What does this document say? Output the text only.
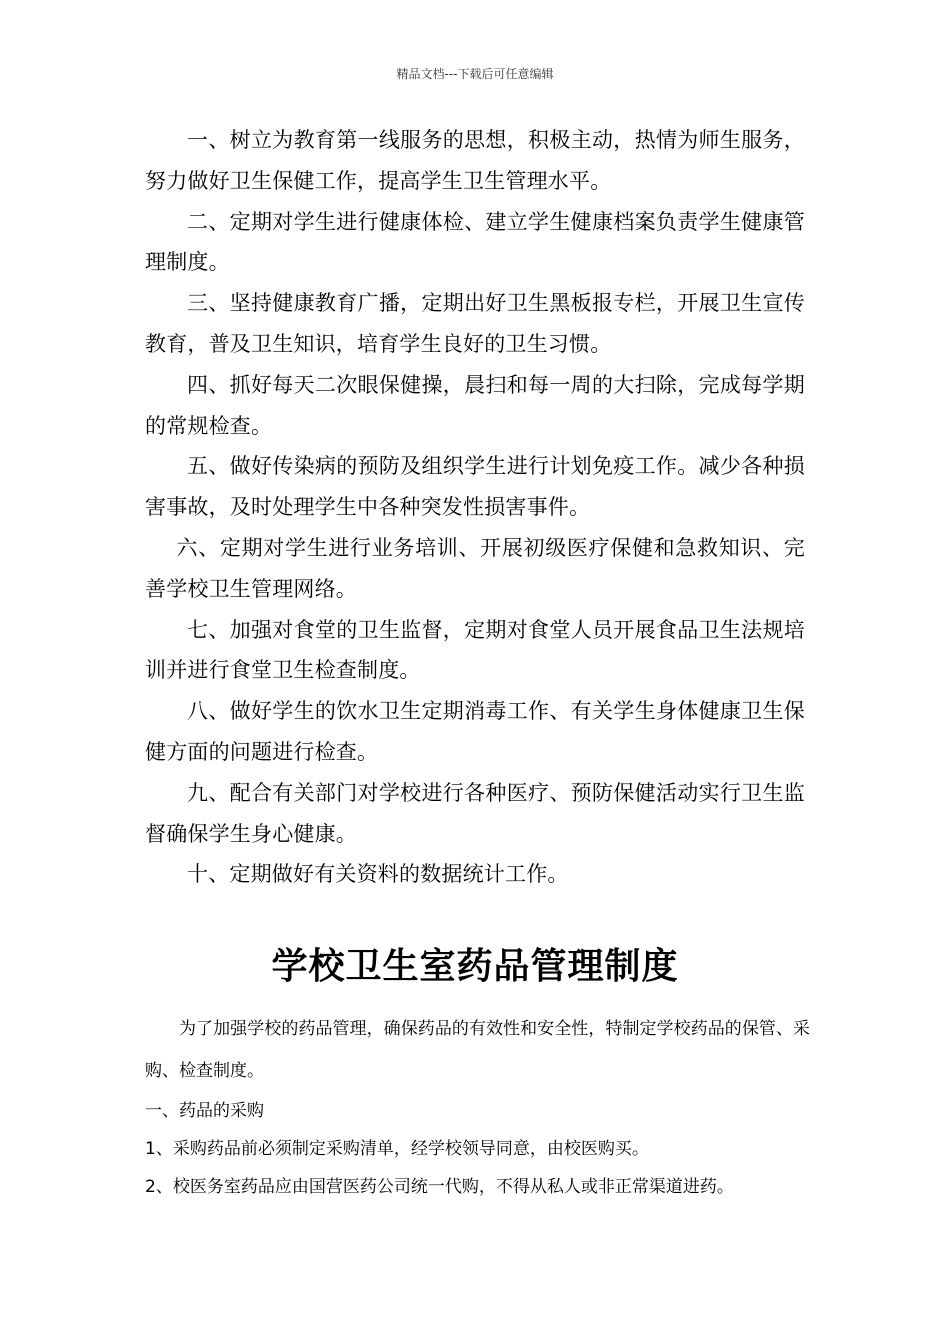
精品文档---下载后可任意编辑

一、树立为教育第一线服务的思想，积极主动，热情为师生服务，努力做好卫生保健工作，提高学生卫生管理水平。

二、定期对学生进行健康体检、建立学生健康档案负责学生健康管理制度。

三、坚持健康教育广播，定期出好卫生黑板报专栏，开展卫生宣传教育，普及卫生知识，培育学生良好的卫生习惯。

四、抓好每天二次眼保健操，晨扫和每一周的大扫除，完成每学期的常规检查。

五、做好传染病的预防及组织学生进行计划免疫工作。减少各种损害事故，及时处理学生中各种突发性损害事件。

六、定期对学生进行业务培训、开展初级医疗保健和急救知识、完善学校卫生管理网络。

七、加强对食堂的卫生监督，定期对食堂人员开展食品卫生法规培训并进行食堂卫生检查制度。

八、做好学生的饮水卫生定期消毒工作、有关学生身体健康卫生保健方面的问题进行检查。

九、配合有关部门对学校进行各种医疗、预防保健活动实行卫生监督确保学生身心健康。

十、定期做好有关资料的数据统计工作。

学校卫生室药品管理制度

为了加强学校的药品管理，确保药品的有效性和安全性，特制定学校药品的保管、采购、检查制度。

一、药品的采购

1、采购药品前必须制定采购清单，经学校领导同意，由校医购买。

2、校医务室药品应由国营医药公司统一代购，不得从私人或非正常渠道进药。
